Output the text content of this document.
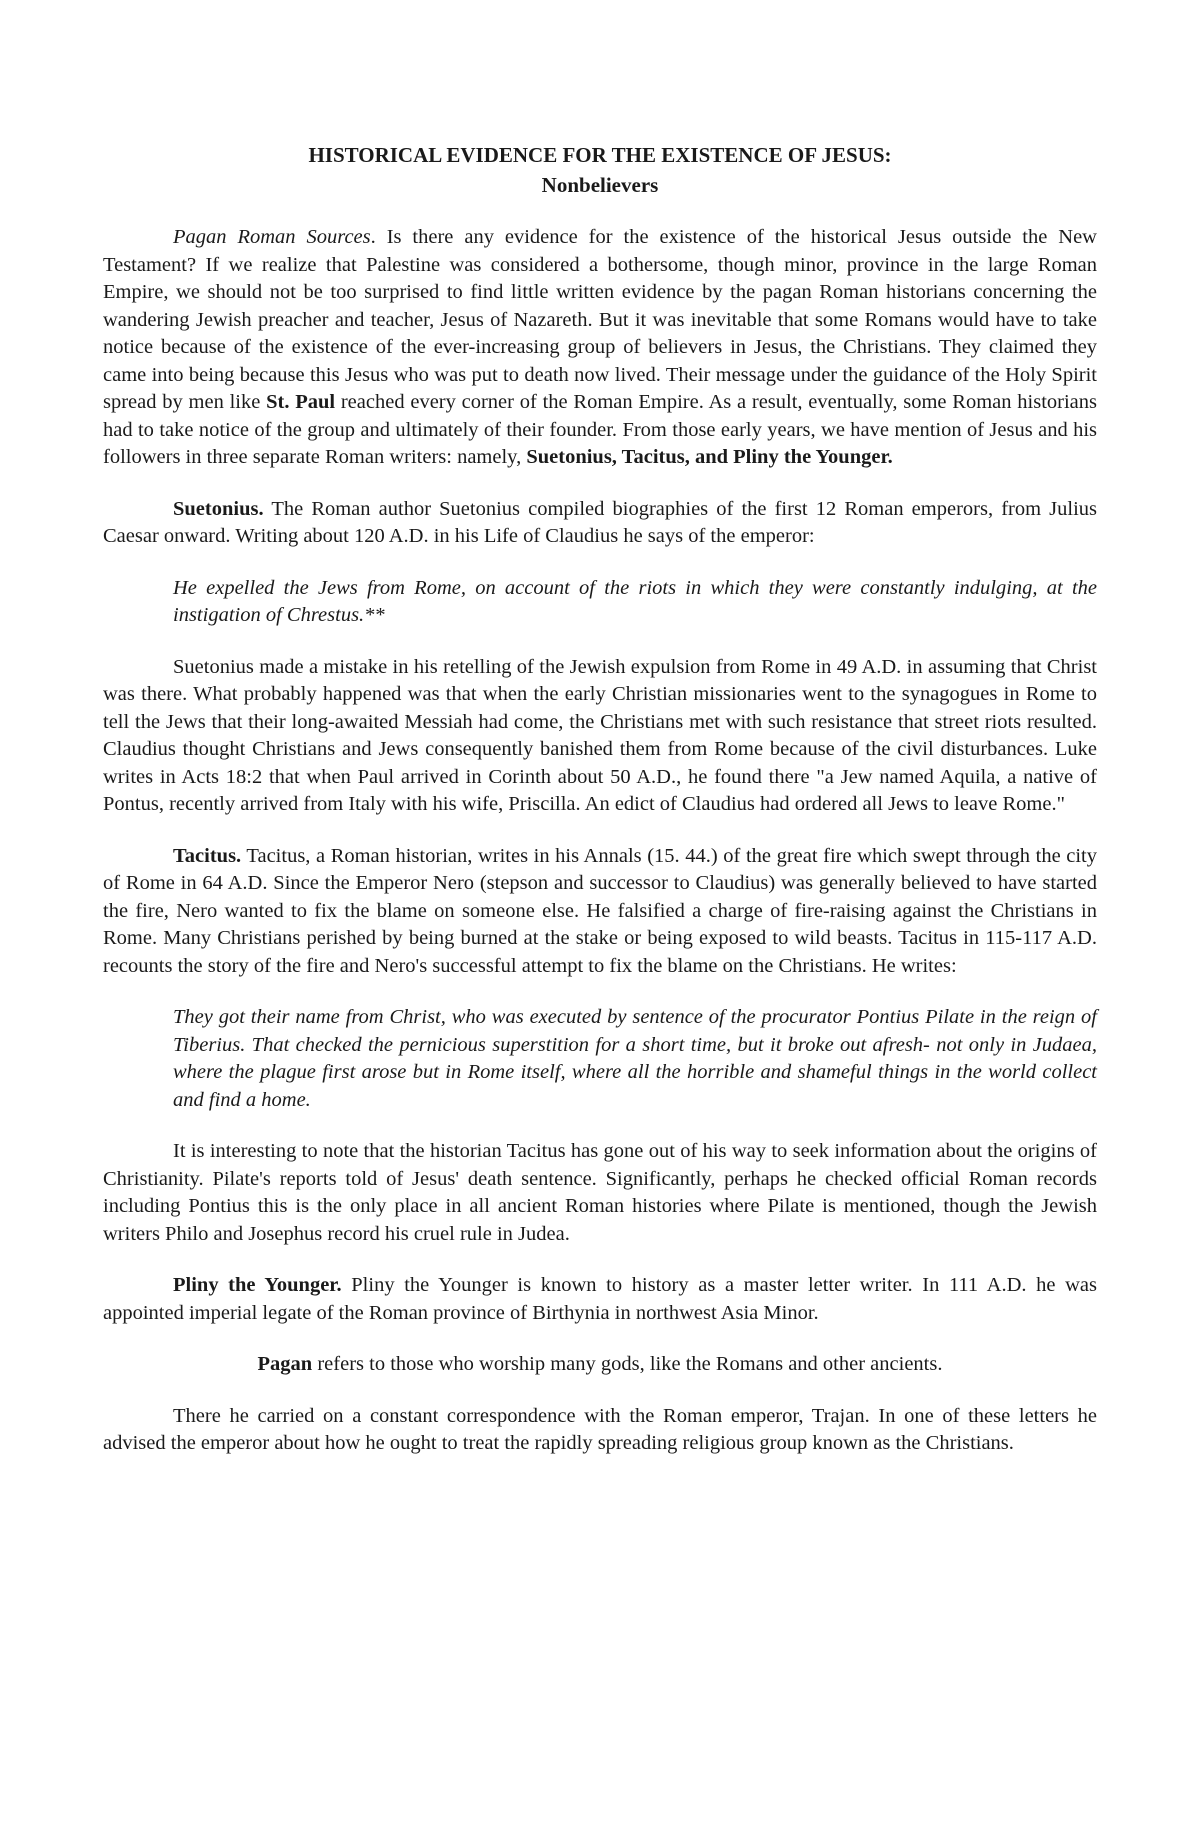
HISTORICAL EVIDENCE FOR THE EXISTENCE OF JESUS:
Nonbelievers

Pagan Roman Sources. Is there any evidence for the existence of the historical Jesus outside the New Testament? If we realize that Palestine was considered a bothersome, though minor, province in the large Roman Empire, we should not be too surprised to find little written evidence by the pagan Roman historians concerning the wandering Jewish preacher and teacher, Jesus of Nazareth. But it was inevitable that some Romans would have to take notice because of the existence of the ever-increasing group of believers in Jesus, the Christians. They claimed they came into being because this Jesus who was put to death now lived. Their message under the guidance of the Holy Spirit spread by men like St. Paul reached every corner of the Roman Empire. As a result, eventually, some Roman historians had to take notice of the group and ultimately of their founder. From those early years, we have mention of Jesus and his followers in three separate Roman writers: namely, Suetonius, Tacitus, and Pliny the Younger.

Suetonius. The Roman author Suetonius compiled biographies of the first 12 Roman emperors, from Julius Caesar onward. Writing about 120 A.D. in his Life of Claudius he says of the emperor:

He expelled the Jews from Rome, on account of the riots in which they were constantly indulging, at the instigation of Chrestus.**

Suetonius made a mistake in his retelling of the Jewish expulsion from Rome in 49 A.D. in assuming that Christ was there. What probably happened was that when the early Christian missionaries went to the synagogues in Rome to tell the Jews that their long-awaited Messiah had come, the Christians met with such resistance that street riots resulted. Claudius thought Christians and Jews consequently banished them from Rome because of the civil disturbances. Luke writes in Acts 18:2 that when Paul arrived in Corinth about 50 A.D., he found there "a Jew named Aquila, a native of Pontus, recently arrived from Italy with his wife, Priscilla. An edict of Claudius had ordered all Jews to leave Rome."

Tacitus. Tacitus, a Roman historian, writes in his Annals (15. 44.) of the great fire which swept through the city of Rome in 64 A.D. Since the Emperor Nero (stepson and successor to Claudius) was generally believed to have started the fire, Nero wanted to fix the blame on someone else. He falsified a charge of fire-raising against the Christians in Rome. Many Christians perished by being burned at the stake or being exposed to wild beasts. Tacitus in 115-117 A.D. recounts the story of the fire and Nero's successful attempt to fix the blame on the Christians. He writes:

They got their name from Christ, who was executed by sentence of the procurator Pontius Pilate in the reign of Tiberius. That checked the pernicious superstition for a short time, but it broke out afresh- not only in Judaea, where the plague first arose but in Rome itself, where all the horrible and shameful things in the world collect and find a home.

It is interesting to note that the historian Tacitus has gone out of his way to seek information about the origins of Christianity. Pilate's reports told of Jesus' death sentence. Significantly, perhaps he checked official Roman records including Pontius this is the only place in all ancient Roman histories where Pilate is mentioned, though the Jewish writers Philo and Josephus record his cruel rule in Judea.

Pliny the Younger. Pliny the Younger is known to history as a master letter writer. In 111 A.D. he was appointed imperial legate of the Roman province of Birthynia in northwest Asia Minor.

Pagan refers to those who worship many gods, like the Romans and other ancients.

There he carried on a constant correspondence with the Roman emperor, Trajan. In one of these letters he advised the emperor about how he ought to treat the rapidly spreading religious group known as the Christians.
